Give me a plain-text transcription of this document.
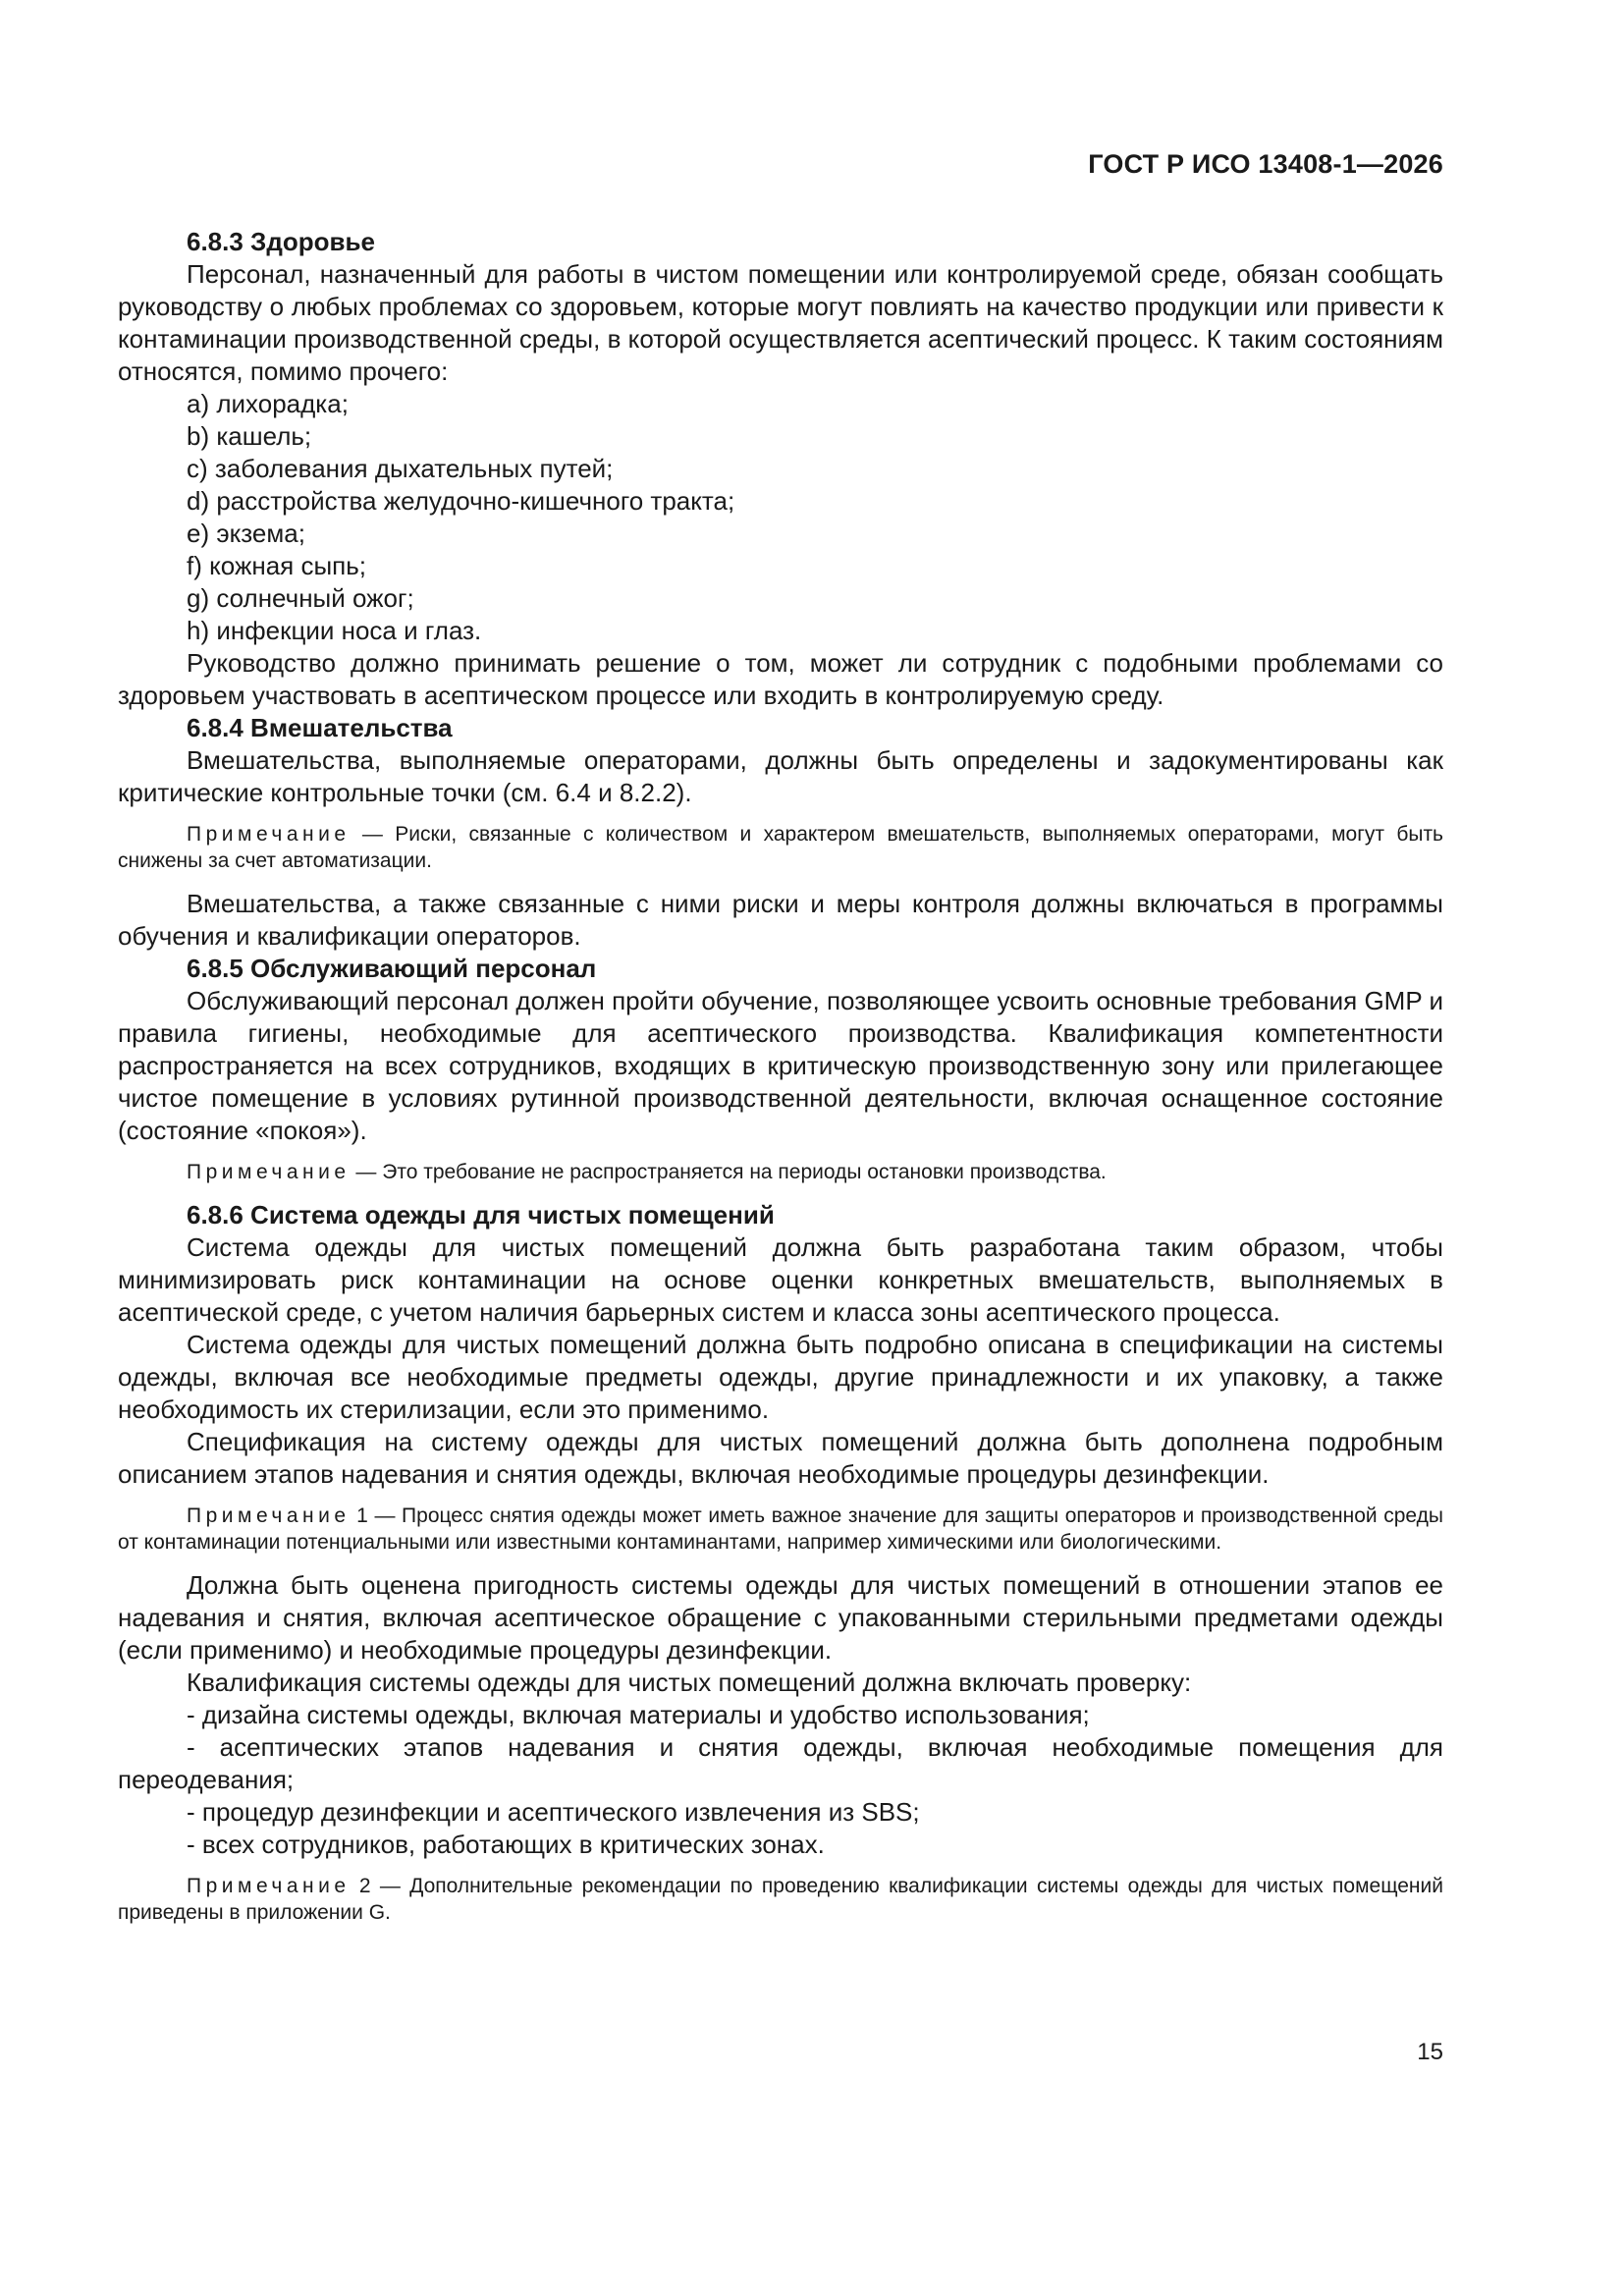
ГОСТ Р ИСО 13408-1—2026

6.8.3 Здоровье

Персонал, назначенный для работы в чистом помещении или контролируемой среде, обязан сообщать руководству о любых проблемах со здоровьем, которые могут повлиять на качество продукции или привести к контаминации производственной среды, в которой осуществляется асептический процесс. К таким состояниям относятся, помимо прочего:

a) лихорадка;

b) кашель;

c) заболевания дыхательных путей;

d) расстройства желудочно-кишечного тракта;

e) экзема;

f) кожная сыпь;

g) солнечный ожог;

h) инфекции носа и глаз.

Руководство должно принимать решение о том, может ли сотрудник с подобными проблемами со здоровьем участвовать в асептическом процессе или входить в контролируемую среду.

6.8.4 Вмешательства

Вмешательства, выполняемые операторами, должны быть определены и задокументированы как критические контрольные точки (см. 6.4 и 8.2.2).

Примечание — Риски, связанные с количеством и характером вмешательств, выполняемых операторами, могут быть снижены за счет автоматизации.

Вмешательства, а также связанные с ними риски и меры контроля должны включаться в программы обучения и квалификации операторов.

6.8.5 Обслуживающий персонал

Обслуживающий персонал должен пройти обучение, позволяющее усвоить основные требования GMP и правила гигиены, необходимые для асептического производства. Квалификация компетентности распространяется на всех сотрудников, входящих в критическую производственную зону или прилегающее чистое помещение в условиях рутинной производственной деятельности, включая оснащенное состояние (состояние «покоя»).

Примечание — Это требование не распространяется на периоды остановки производства.

6.8.6 Система одежды для чистых помещений

Система одежды для чистых помещений должна быть разработана таким образом, чтобы минимизировать риск контаминации на основе оценки конкретных вмешательств, выполняемых в асептической среде, с учетом наличия барьерных систем и класса зоны асептического процесса.

Система одежды для чистых помещений должна быть подробно описана в спецификации на системы одежды, включая все необходимые предметы одежды, другие принадлежности и их упаковку, а также необходимость их стерилизации, если это применимо.

Спецификация на систему одежды для чистых помещений должна быть дополнена подробным описанием этапов надевания и снятия одежды, включая необходимые процедуры дезинфекции.

Примечание 1 — Процесс снятия одежды может иметь важное значение для защиты операторов и производственной среды от контаминации потенциальными или известными контаминантами, например химическими или биологическими.

Должна быть оценена пригодность системы одежды для чистых помещений в отношении этапов ее надевания и снятия, включая асептическое обращение с упакованными стерильными предметами одежды (если применимо) и необходимые процедуры дезинфекции.

Квалификация системы одежды для чистых помещений должна включать проверку:

- дизайна системы одежды, включая материалы и удобство использования;

- асептических этапов надевания и снятия одежды, включая необходимые помещения для переодевания;

- процедур дезинфекции и асептического извлечения из SBS;

- всех сотрудников, работающих в критических зонах.

Примечание 2 — Дополнительные рекомендации по проведению квалификации системы одежды для чистых помещений приведены в приложении G.

15
